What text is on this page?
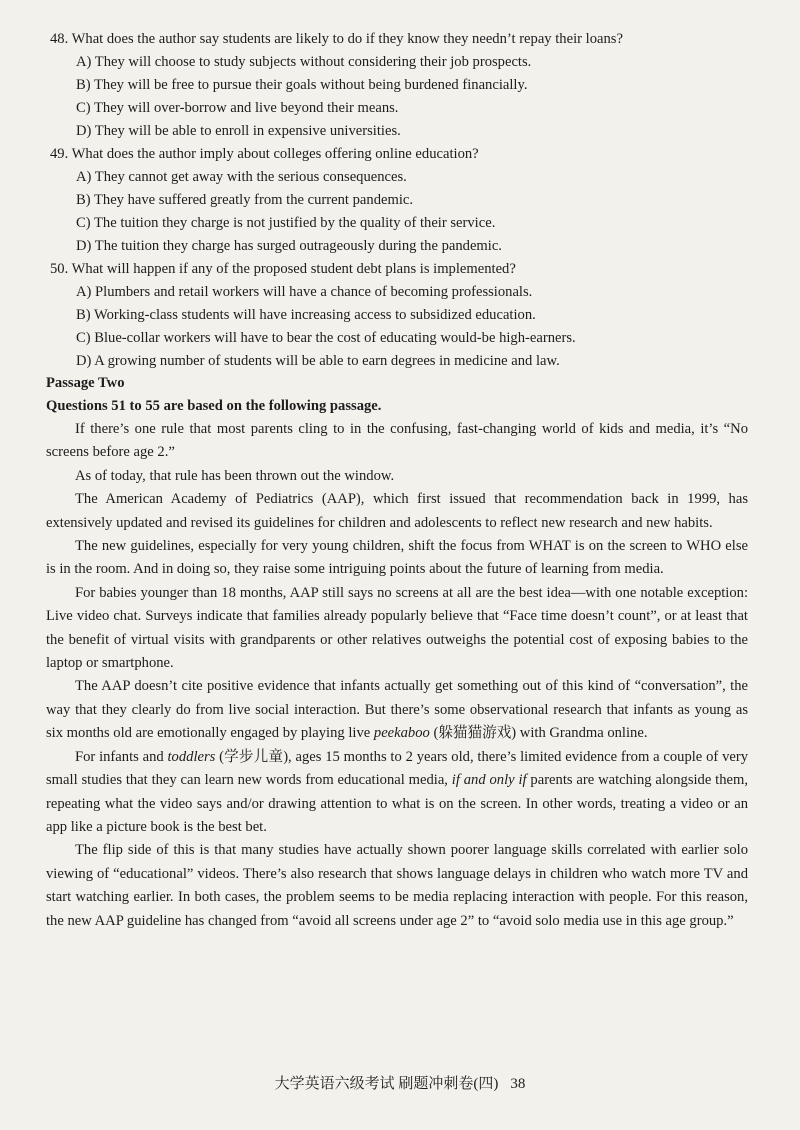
48. What does the author say students are likely to do if they know they needn’t repay their loans?
A) They will choose to study subjects without considering their job prospects.
B) They will be free to pursue their goals without being burdened financially.
C) They will over-borrow and live beyond their means.
D) They will be able to enroll in expensive universities.
49. What does the author imply about colleges offering online education?
A) They cannot get away with the serious consequences.
B) They have suffered greatly from the current pandemic.
C) The tuition they charge is not justified by the quality of their service.
D) The tuition they charge has surged outrageously during the pandemic.
50. What will happen if any of the proposed student debt plans is implemented?
A) Plumbers and retail workers will have a chance of becoming professionals.
B) Working-class students will have increasing access to subsidized education.
C) Blue-collar workers will have to bear the cost of educating would-be high-earners.
D) A growing number of students will be able to earn degrees in medicine and law.
Passage Two
Questions 51 to 55 are based on the following passage.

If there’s one rule that most parents cling to in the confusing, fast-changing world of kids and media, it’s “No screens before age 2.”

As of today, that rule has been thrown out the window.

The American Academy of Pediatrics (AAP), which first issued that recommendation back in 1999, has extensively updated and revised its guidelines for children and adolescents to reflect new research and new habits.

The new guidelines, especially for very young children, shift the focus from WHAT is on the screen to WHO else is in the room. And in doing so, they raise some intriguing points about the future of learning from media.

For babies younger than 18 months, AAP still says no screens at all are the best idea—with one notable exception: Live video chat. Surveys indicate that families already popularly believe that “Face time doesn’t count”, or at least that the benefit of virtual visits with grandparents or other relatives outweighs the potential cost of exposing babies to the laptop or smartphone.

The AAP doesn’t cite positive evidence that infants actually get something out of this kind of “conversation”, the way that they clearly do from live social interaction. But there’s some observational research that infants as young as six months old are emotionally engaged by playing live peekaboo (躲猫猫游戏) with Grandma online.

For infants and toddlers (学步儿童), ages 15 months to 2 years old, there’s limited evidence from a couple of very small studies that they can learn new words from educational media, if and only if parents are watching alongside them, repeating what the video says and/or drawing attention to what is on the screen. In other words, treating a video or an app like a picture book is the best bet.

The flip side of this is that many studies have actually shown poorer language skills correlated with earlier solo viewing of “educational” videos. There’s also research that shows language delays in children who watch more TV and start watching earlier. In both cases, the problem seems to be media replacing interaction with people. For this reason, the new AAP guideline has changed from “avoid all screens under age 2” to “avoid solo media use in this age group.”

大学英语六级考试 刷题冲刺卷(四) 38
